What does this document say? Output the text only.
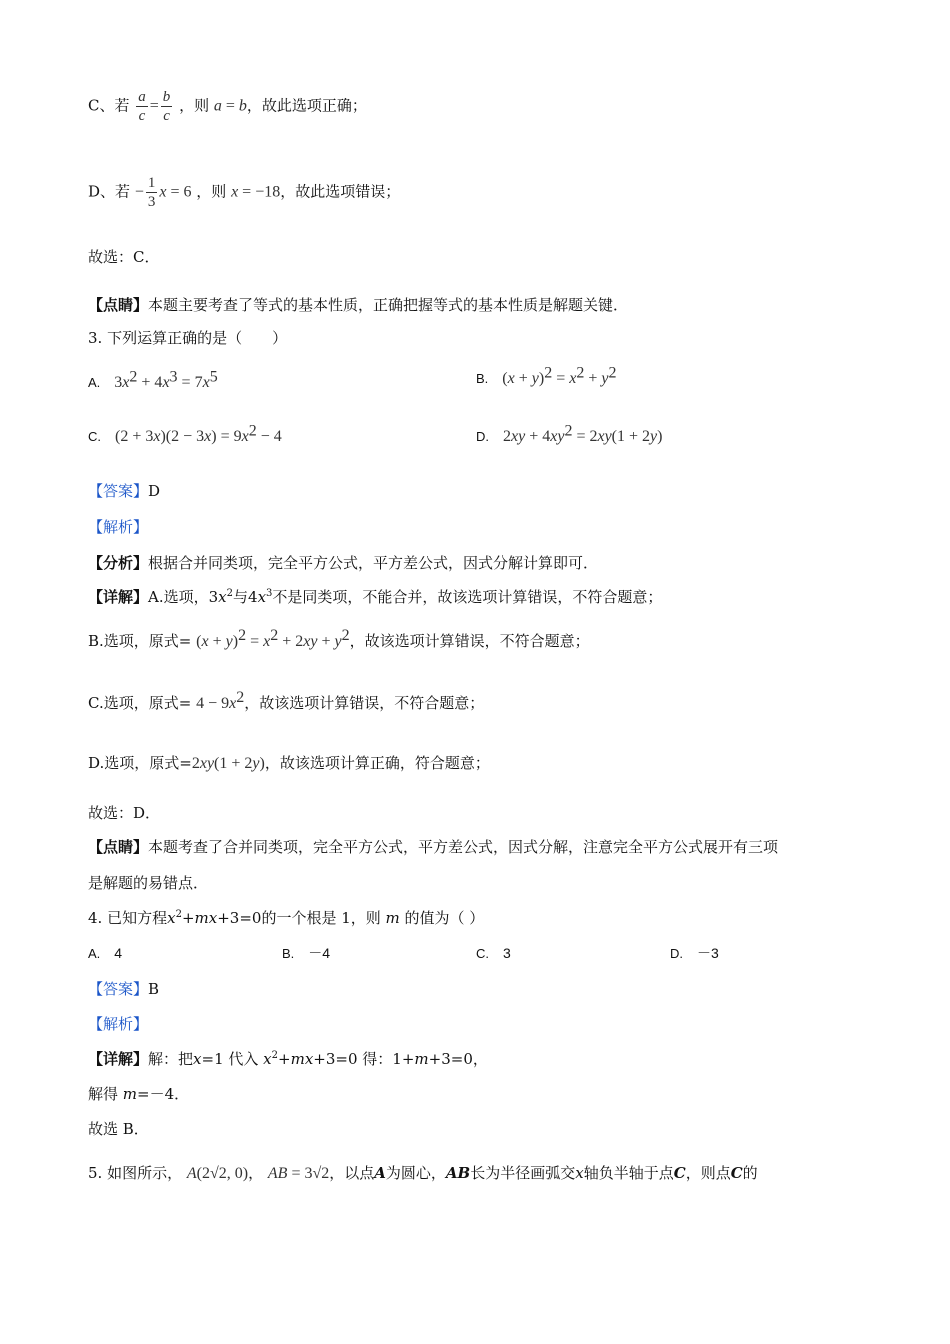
C、若 $\frac{a}{c} = \frac{b}{c}$ ，则 a = b，故此选项正确；
D、若 − $\frac{1}{3}$ x = 6 ，则 x = −18，故此选项错误；
故选：C．
【点睛】本题主要考查了等式的基本性质，正确把握等式的基本性质是解题关键．
3. 下列运算正确的是（　　）
A. $3x^2 + 4x^3 = 7x^5$	B. $(x + y)^2 = x^2 + y^2$
C. $(2 + 3x)(2 - 3x) = 9x^2 - 4$	D. $2xy + 4xy^2 = 2xy(1 + 2y)$
【答案】D
【解析】
【分析】根据合并同类项，完全平方公式，平方差公式，因式分解计算即可．
【详解】A.选项，$3x^2$与$4x^3$不是同类项，不能合并，故该选项计算错误，不符合题意；
B.选项，原式= $(x + y)^2 = x^2 + 2xy + y^2$，故该选项计算错误，不符合题意；
C.选项，原式= $4 - 9x^2$，故该选项计算错误，不符合题意；
D.选项，原式=2xy(1 + 2y)，故该选项计算正确，符合题意；
故选：D．
【点睛】本题考查了合并同类项，完全平方公式，平方差公式，因式分解，注意完全平方公式展开有三项
是解题的易错点．
4. 已知方程$x^2+mx+3=0$的一个根是 1，则 m 的值为（ ）
A. 4	B. －4	C. 3	D. －3
【答案】B
【解析】
【详解】解：把x=1 代入 $x^2+mx+3=0$ 得：1+m+3=0，
解得 m=－4．
故选 B．
5. 如图所示， A(2√2, 0)， AB = 3√2，以点A为圆心，AB长为半径画弧交x轴负半轴于点C，则点C的
